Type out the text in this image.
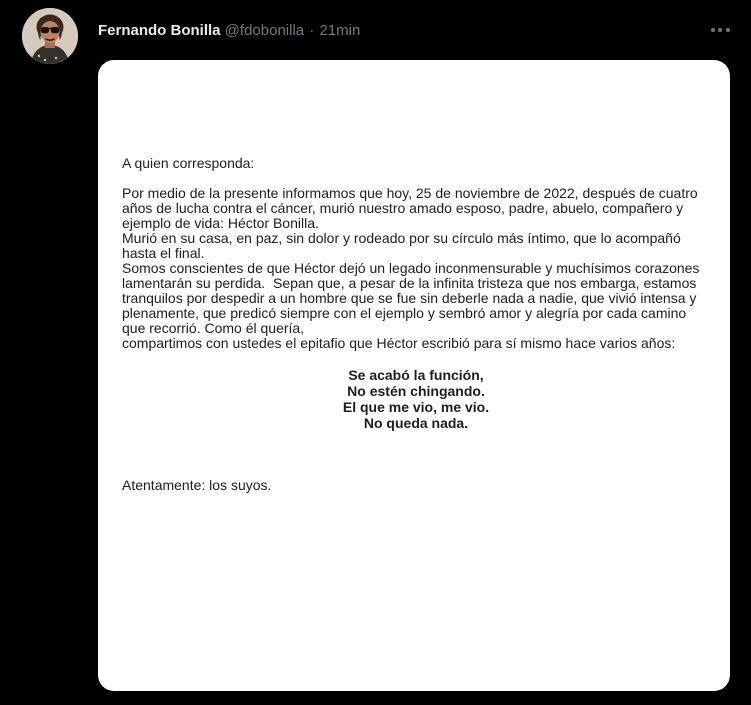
Fernando Bonilla @fdobonilla · 21min
A quien corresponda:
Por medio de la presente informamos que hoy, 25 de noviembre de 2022, después de cuatro
años de lucha contra el cáncer, murió nuestro amado esposo, padre, abuelo, compañero y
ejemplo de vida: Héctor Bonilla.
Murió en su casa, en paz, sin dolor y rodeado por su círculo más íntimo, que lo acompañó
hasta el final.
Somos conscientes de que Héctor dejó un legado inconmensurable y muchísimos corazones
lamentarán su perdida.  Sepan que, a pesar de la infinita tristeza que nos embarga, estamos
tranquilos por despedir a un hombre que se fue sin deberle nada a nadie, que vivió intensa y
plenamente, que predicó siempre con el ejemplo y sembró amor y alegría por cada camino
que recorrió. Como él quería,
compartimos con ustedes el epitafio que Héctor escribió para sí mismo hace varios años:
Se acabó la función,
No estén chingando.
El que me vio, me vio.
No queda nada.
Atentamente: los suyos.
